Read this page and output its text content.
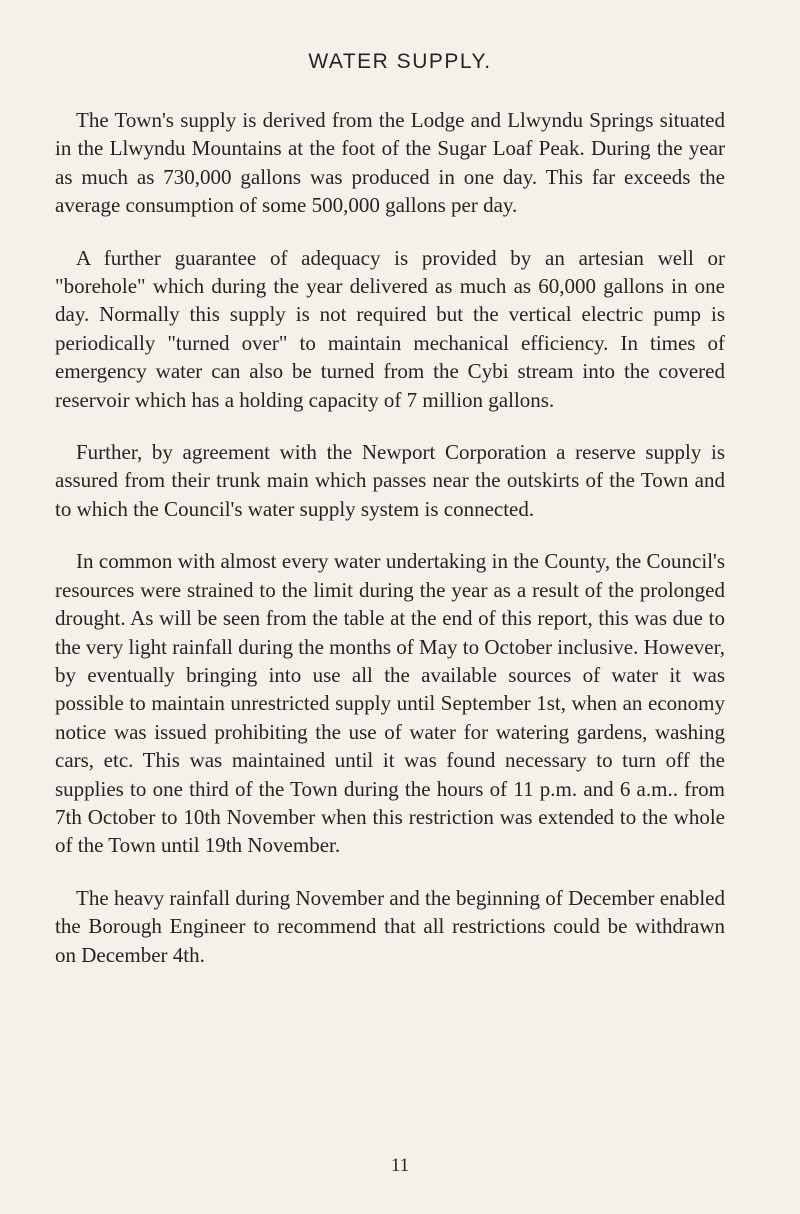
WATER SUPPLY.

The Town's supply is derived from the Lodge and Llwyndu Springs situated in the Llwyndu Mountains at the foot of the Sugar Loaf Peak. During the year as much as 730,000 gallons was produced in one day. This far exceeds the average consumption of some 500,000 gallons per day.

A further guarantee of adequacy is provided by an artesian well or "borehole" which during the year delivered as much as 60,000 gallons in one day. Normally this supply is not required but the vertical electric pump is periodically "turned over" to maintain mechanical efficiency. In times of emergency water can also be turned from the Cybi stream into the covered reservoir which has a holding capacity of 7 million gallons.

Further, by agreement with the Newport Corporation a reserve supply is assured from their trunk main which passes near the outskirts of the Town and to which the Council's water supply system is connected.

In common with almost every water undertaking in the County, the Council's resources were strained to the limit during the year as a result of the prolonged drought. As will be seen from the table at the end of this report, this was due to the very light rainfall during the months of May to October inclusive. However, by eventually bringing into use all the available sources of water it was possible to maintain unrestricted supply until September 1st, when an economy notice was issued prohibiting the use of water for watering gardens, washing cars, etc. This was maintained until it was found necessary to turn off the supplies to one third of the Town during the hours of 11 p.m. and 6 a.m.. from 7th October to 10th November when this restriction was extended to the whole of the Town until 19th November.

The heavy rainfall during November and the beginning of December enabled the Borough Engineer to recommend that all restrictions could be withdrawn on December 4th.

11
